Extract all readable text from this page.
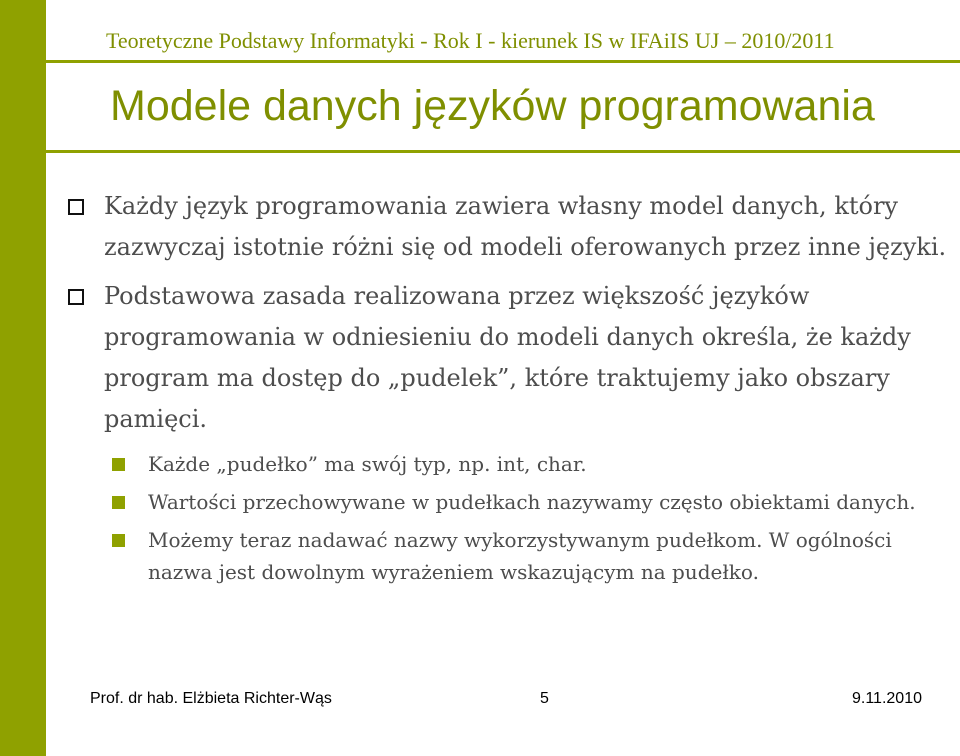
Teoretyczne Podstawy Informatyki - Rok I - kierunek IS w IFAiIS UJ – 2010/2011
Modele danych języków programowania
Każdy język programowania zawiera własny model danych, który zazwyczaj istotnie różni się od modeli oferowanych przez inne języki.
Podstawowa zasada realizowana przez większość języków programowania w odniesieniu do modeli danych określa, że każdy program ma dostęp do „pudelek”, które traktujemy jako obszary pamięci.
Każde „pudełko” ma swój typ, np. int, char.
Wartości przechowywane w pudełkach nazywamy często obiektami danych.
Możemy teraz nadawać nazwy wykorzystywanym pudełkom. W ogólności nazwa jest dowolnym wyrażeniem wskazującym na pudełko.
Prof. dr hab. Elżbieta Richter-Wąs	5	9.11.2010
